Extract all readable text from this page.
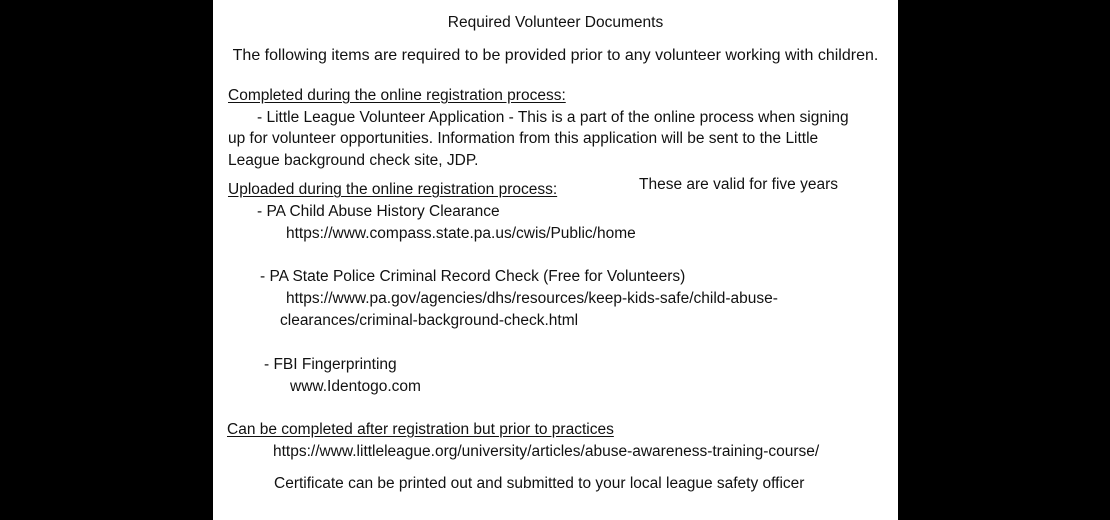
Required Volunteer Documents
The following items are required to be provided prior to any volunteer working with children.
Completed during the online registration process:
- Little League Volunteer Application - This is a part of the online process when signing
up for volunteer opportunities. Information from this application will be sent to the Little
League background check site, JDP.
Uploaded during the online registration process:	These are valid for five years
- PA Child Abuse History Clearance
https://www.compass.state.pa.us/cwis/Public/home
- PA State Police Criminal Record Check (Free for Volunteers)
https://www.pa.gov/agencies/dhs/resources/keep-kids-safe/child-abuse-
clearances/criminal-background-check.html
- FBI Fingerprinting
www.Identogo.com
Can be completed after registration but prior to practices
https://www.littleleague.org/university/articles/abuse-awareness-training-course/
Certificate can be printed out and submitted to your local league safety officer
